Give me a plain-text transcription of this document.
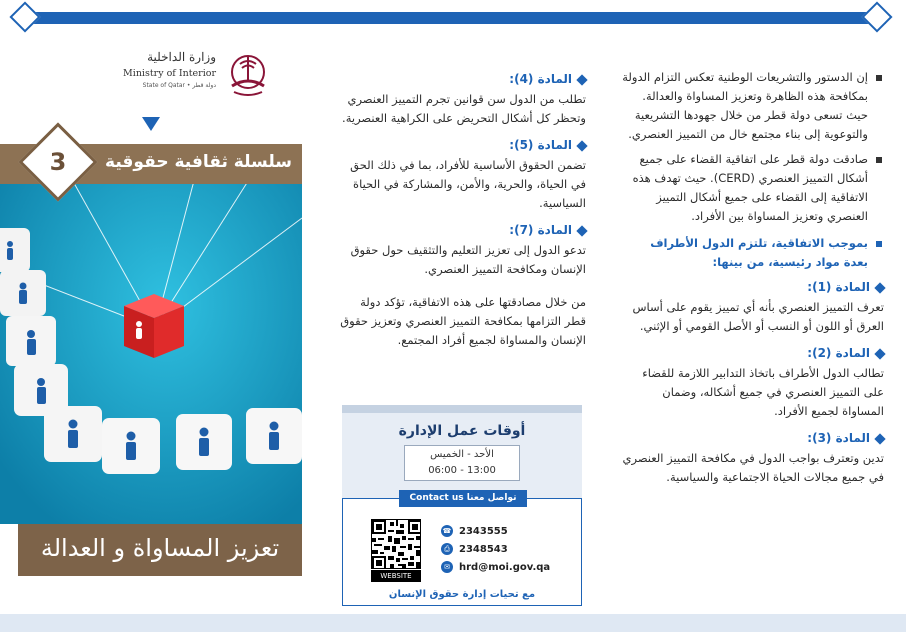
إن الدستور والتشريعات الوطنية تعكس التزام الدولة بمكافحة هذه الظاهرة وتعزيز المساواة والعدالة. حيث تسعى دولة قطر من خلال جهودها التشريعية والتوعوية إلى بناء مجتمع خال من التمييز العنصري.

صادقت دولة قطر على اتفاقية القضاء على جميع أشكال التمييز العنصري (CERD). حيث تهدف هذه الاتفاقية إلى القضاء على جميع أشكال التمييز العنصري وتعزيز المساواة بين الأفراد.

بموجب الاتفاقية، تلتزم الدول الأطراف بعدة مواد رئيسية، من بينها:

المادة (1):

تعرف التمييز العنصري بأنه أي تمييز يقوم على أساس العرق أو اللون أو النسب أو الأصل القومي أو الإثني.

المادة (2):

تطالب الدول الأطراف باتخاذ التدابير اللازمة للقضاء على التمييز العنصري في جميع أشكاله، وضمان المساواة لجميع الأفراد.

المادة (3):

تدين وتعترف بواجب الدول في مكافحة التمييز العنصري في جميع مجالات الحياة الاجتماعية والسياسية.

المادة (4):

تطلب من الدول سن قوانين تجرم التمييز العنصري وتحظر كل أشكال التحريض على الكراهية العنصرية.

المادة (5):

تضمن الحقوق الأساسية للأفراد، بما في ذلك الحق في الحياة، والحرية، والأمن، والمشاركة في الحياة السياسية.

المادة (7):

تدعو الدول إلى تعزيز التعليم والتثقيف حول حقوق الإنسان ومكافحة التمييز العنصري.

من خلال مصادقتها على هذه الاتفاقية، تؤكد دولة قطر التزامها بمكافحة التمييز العنصري وتعزيز حقوق الإنسان والمساواة لجميع أفراد المجتمع.

أوقات عمل الإدارة
الأحد - الخميس
13:00 - 06:00
تواصل معنا Contact us
WEBSITE
☎ 2343555
⎙ 2348543
✉ hrd@moi.gov.qa
مع تحيات إدارة حقوق الإنسان
وزارة الداخلية
Ministry of Interior
State of Qatar • دولة قطر
سلسلة ثقافية حقوقية
3
تعزيز المساواة و العدالة
